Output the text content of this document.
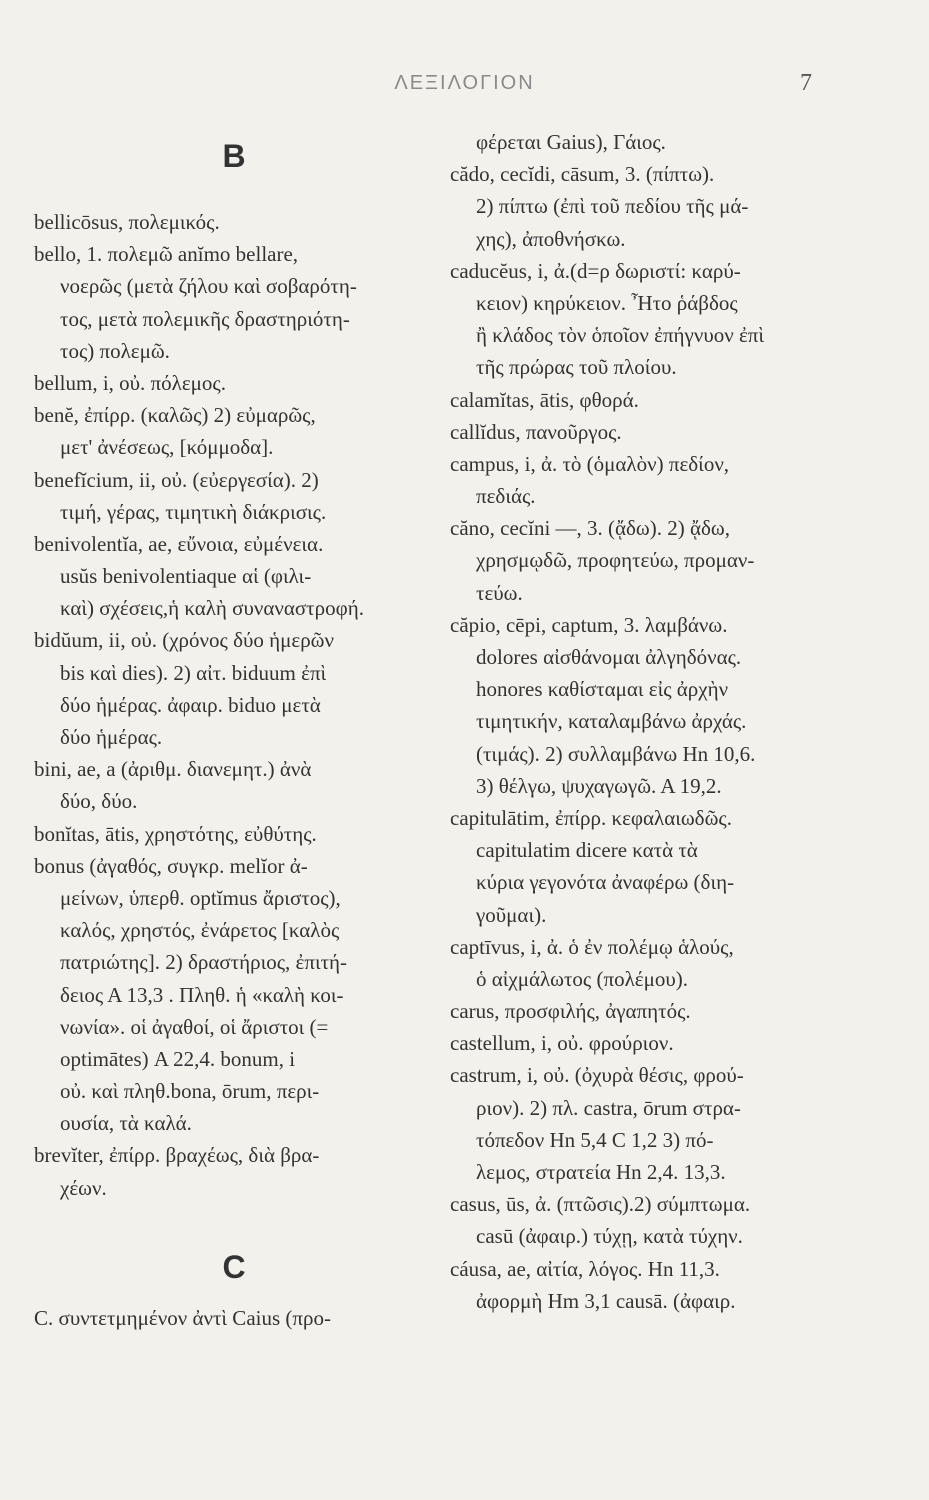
ΛΕΞΙΛΟΓΙΟΝ	7
B
bellicōsus, πολεμικός.
bello, 1. πολεμῶ anĭmo bellare,
νοερῶς (μετὰ ζήλου καὶ σοβαρότη-
τος, μετὰ πολεμικῆς δραστηριότη-
τος) πολεμῶ.
bellum, i, οὐ. πόλεμος.
benĕ, ἐπίρρ. (καλῶς) 2) εὐμαρῶς,
μετ' ἀνέσεως, [κόμμοδα].
benefĭcium, ii, οὐ. (εὐεργεσία). 2)
τιμή, γέρας, τιμητικὴ διάκρισις.
benivolentĭa, ae, εὔνοια, εὐμένεια.
usŭs benivolentiaque αἱ (φιλι-
καὶ) σχέσεις,ἡ καλὴ συναναστροφή.
bidŭum, ii, οὐ. (χρόνος δύο ἡμερῶν
bis καὶ dies). 2) αἰτ. biduum ἐπὶ
δύο ἡμέρας. ἀφαιρ. biduo μετὰ
δύο ἡμέρας.
bini, ae, a (ἀριθμ. διανεμητ.) ἀνὰ
δύο, δύο.
bonĭtas, ātis, χρηστότης, εὐθύτης.
bonus (ἀγαθός, συγκρ. melĭor ἀ-
μείνων, ὑπερθ. optĭmus ἄριστος),
καλός, χρηστός, ἐνάρετος [καλὸς
πατριώτης]. 2) δραστήριος, ἐπιτή-
δειος Α 13,3 . Πληθ. ἡ «καλὴ κοι-
νωνία». οἱ ἀγαθοί, οἱ ἄριστοι (=
optimātes) Α 22,4. bonum, i
οὐ. καὶ πληθ.bona, ōrum, περι-
ουσία, τὰ καλά.
brevĭter, ἐπίρρ. βραχέως, διὰ βρα-
χέων.
C
C. συντετμημένον ἀντὶ Caius (προ-
φέρεται Gaius), Γάιος.
cădo, cecĭdi, cāsum, 3. (πίπτω).
2) πίπτω (ἐπὶ τοῦ πεδίου τῆς μά-
χης), ἀποθνήσκω.
caducĕus, i, ἀ.(d=ρ δωριστί: καρύ-
κειον) κηρύκειον. Ἦτο ῥάβδος
ἢ κλάδος τὸν ὁποῖον ἐπήγνυον ἐπὶ
τῆς πρώρας τοῦ πλοίου.
calamĭtas, ātis, φθορά.
callĭdus, πανοῦργος.
campus, i, ἀ. τὸ (ὁμαλὸν) πεδίον,
πεδιάς.
căno, cecĭni —, 3. (ᾄδω). 2) ᾄδω,
χρησμῳδῶ, προφητεύω, προμαν-
τεύω.
căpio, cēpi, captum, 3. λαμβάνω.
dolores αἰσθάνομαι ἀλγηδόνας.
honores καθίσταμαι εἰς ἀρχὴν
τιμητικήν, καταλαμβάνω ἀρχάς.
(τιμάς). 2) συλλαμβάνω Hn 10,6.
3) θέλγω, ψυχαγωγῶ. Α 19,2.
capitulātim, ἐπίρρ. κεφαλαιωδῶς.
capitulatim dicere κατὰ τὰ
κύρια γεγονότα ἀναφέρω (διη-
γοῦμαι).
captīvus, i, ἀ. ὁ ἐν πολέμῳ ἁλούς,
ὁ αἰχμάλωτος (πολέμου).
carus, προσφιλής, ἀγαπητός.
castellum, i, οὐ. φρούριον.
castrum, i, οὐ. (ὀχυρὰ θέσις, φρού-
ριον). 2) πλ. castra, ōrum στρα-
τόπεδον Hn 5,4 C 1,2 3) πό-
λεμος, στρατεία Hn 2,4. 13,3.
casus, ūs, ἀ. (πτῶσις).2) σύμπτωμα.
casū (ἀφαιρ.) τύχῃ, κατὰ τύχην.
cáusa, ae, αἰτία, λόγος. Hn 11,3.
ἀφορμὴ Hm 3,1 causā. (ἀφαιρ.
